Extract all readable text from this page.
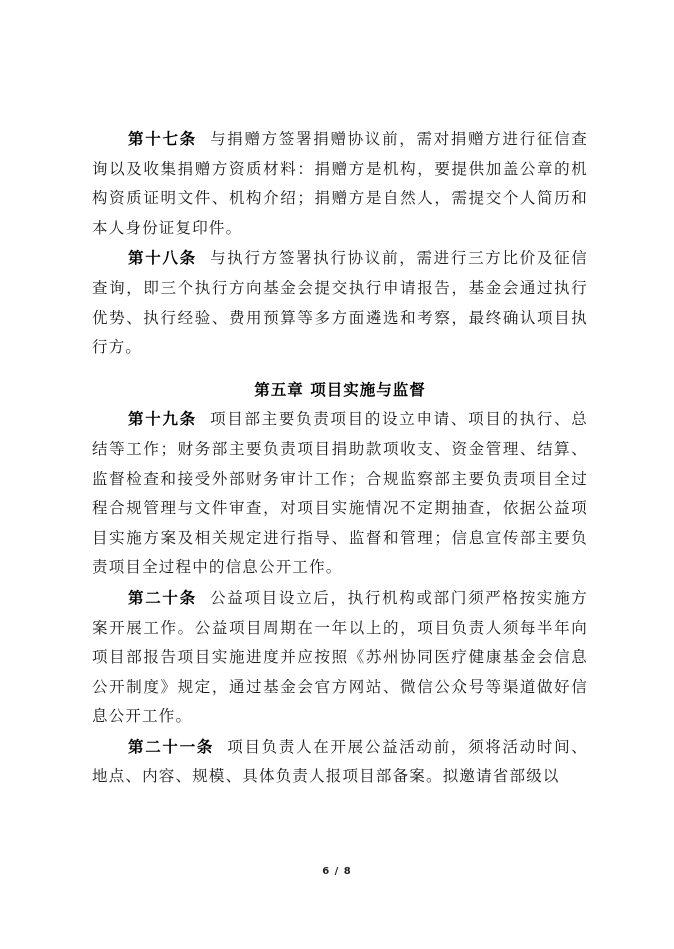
第十七条 与捐赠方签署捐赠协议前，需对捐赠方进行征信查询以及收集捐赠方资质材料：捐赠方是机构，要提供加盖公章的机构资质证明文件、机构介绍；捐赠方是自然人，需提交个人简历和本人身份证复印件。

第十八条 与执行方签署执行协议前，需进行三方比价及征信查询，即三个执行方向基金会提交执行申请报告，基金会通过执行优势、执行经验、费用预算等多方面遴选和考察，最终确认项目执行方。

第五章 项目实施与监督

第十九条 项目部主要负责项目的设立申请、项目的执行、总结等工作；财务部主要负责项目捐助款项收支、资金管理、结算、监督检查和接受外部财务审计工作；合规监察部主要负责项目全过程合规管理与文件审查，对项目实施情况不定期抽查，依据公益项目实施方案及相关规定进行指导、监督和管理；信息宣传部主要负责项目全过程中的信息公开工作。

第二十条 公益项目设立后，执行机构或部门须严格按实施方案开展工作。公益项目周期在一年以上的，项目负责人须每半年向项目部报告项目实施进度并应按照《苏州协同医疗健康基金会信息公开制度》规定，通过基金会官方网站、微信公众号等渠道做好信息公开工作。

第二十一条 项目负责人在开展公益活动前，须将活动时间、地点、内容、规模、具体负责人报项目部备案。拟邀请省部级以

6 / 8
